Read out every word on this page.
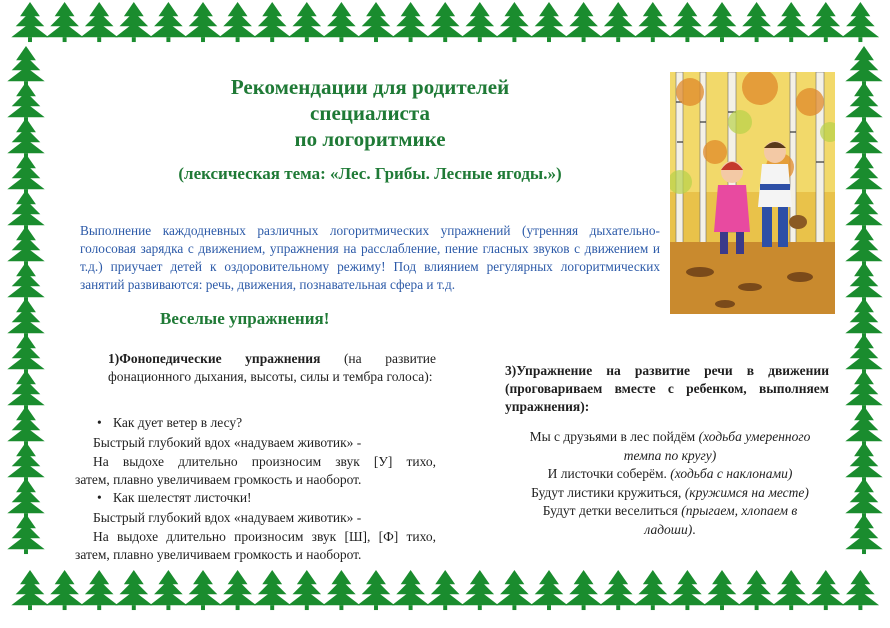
Рекомендации для родителей
специалиста
по логоритмике
(лексическая тема: «Лес. Грибы. Лесные ягоды.»)
Выполнение каждодневных различных логоритмических упражнений (утренняя дыхательно-голосовая зарядка с движением, упражнения на расслабление, пение гласных звуков с движением и т.д.) приучает детей к оздоровительному режиму! Под влиянием регулярных логоритмических занятий развиваются: речь, движения, познавательная сфера и т.д.
Веселые упражнения!
1)Фонопедические упражнения (на развитие фонационного дыхания, высоты, силы и тембра голоса):
• Как дует ветер в лесу?
Быстрый глубокий вдох «надуваем животик» -
На выдохе длительно произносим звук [У] тихо,
затем, плавно увеличиваем громкость и наоборот.
• Как шелестят листочки!
Быстрый глубокий вдох «надуваем животик» -
На выдохе длительно произносим звук [Ш], [Ф] тихо,
затем, плавно увеличиваем громкость и наоборот.
3)Упражнение на развитие речи в движении (проговариваем вместе с ребенком, выполняем упражнения):
Мы с друзьями в лес пойдём (ходьба умеренного
темпа по кругу)
И листочки соберём. (ходьба с наклонами)
Будут листики кружиться, (кружимся на месте)
Будут детки веселиться (прыгаем, хлопаем в
ладоши).
